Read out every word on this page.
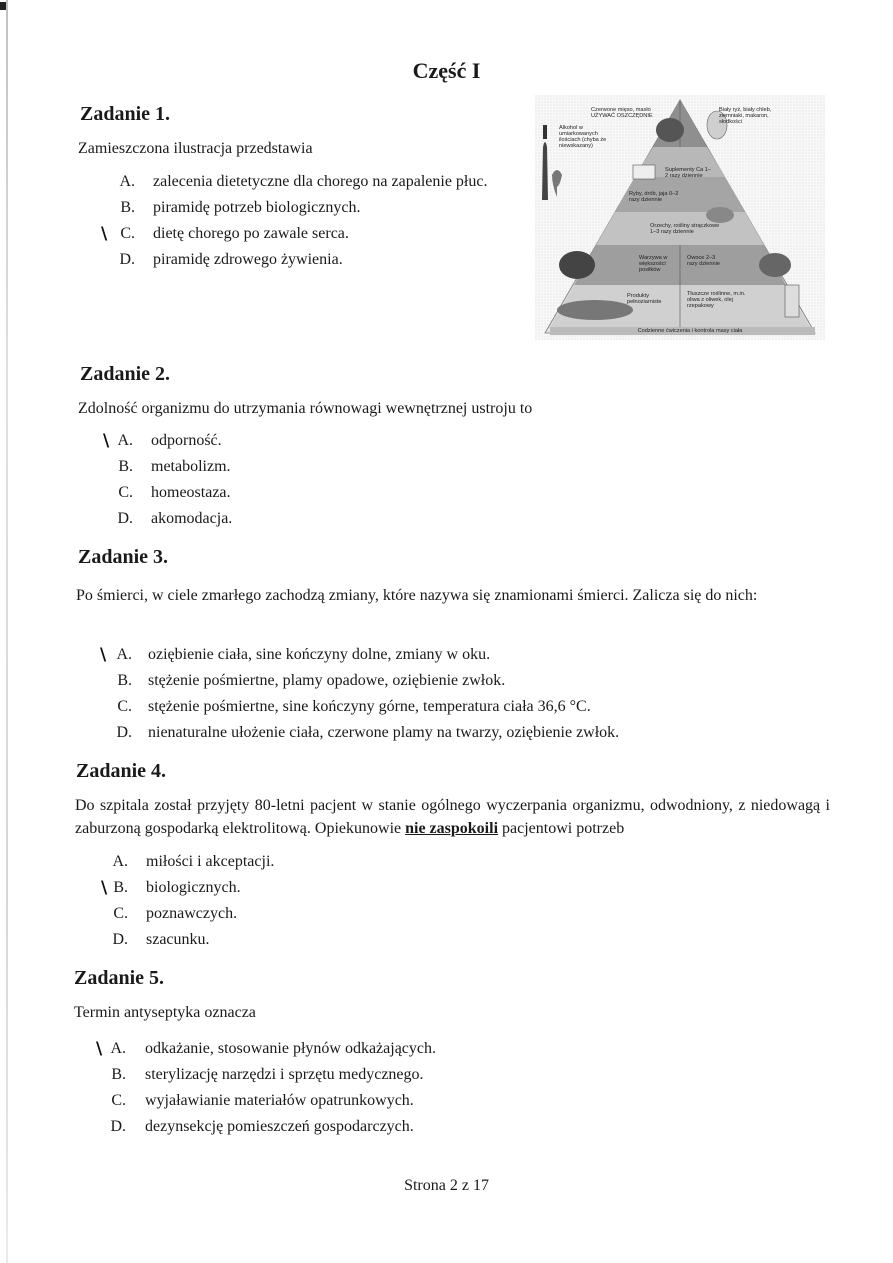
Część I
Zadanie 1.
Zamieszczona ilustracja przedstawia
A. zalecenia dietetyczne dla chorego na zapalenie płuc.
B. piramidę potrzeb biologicznych.
\ C. dietę chorego po zawale serca.
D. piramidę zdrowego żywienia.
Czerwone mięso, masło UŻYWAĆ OSZCZĘDNIE
Biały ryż, biały chleb, ziemniaki, makaron, słodkości
Alkohol w umiarkowanych ilościach (chyba że niewskazany)
Suplementy Ca 1–2 razy dziennie
Ryby, drób, jaja 0–2 razy dziennie
Orzechy, rośliny strączkowe 1–3 razy dziennie
Warzywa w większości posiłków
Owoce 2–3 razy dziennie
Produkty pełnoziarniste
Tłuszcze roślinne, m.in. oliwa z oliwek, olej rzepakowy
Codzienne ćwiczenia i kontrola masy ciała
Zadanie 2.
Zdolność organizmu do utrzymania równowagi wewnętrznej ustroju to
\ A. odporność.
B. metabolizm.
C. homeostaza.
D. akomodacja.
Zadanie 3.
Po śmierci, w ciele zmarłego zachodzą zmiany, które nazywa się znamionami śmierci. Zalicza się do nich:
\ A. oziębienie ciała, sine kończyny dolne, zmiany w oku.
B. stężenie pośmiertne, plamy opadowe, oziębienie zwłok.
C. stężenie pośmiertne, sine kończyny górne, temperatura ciała 36,6 °C.
D. nienaturalne ułożenie ciała, czerwone plamy na twarzy, oziębienie zwłok.
Zadanie 4.
Do szpitala został przyjęty 80-letni pacjent w stanie ogólnego wyczerpania organizmu, odwodniony, z niedowagą i zaburzoną gospodarką elektrolitową. Opiekunowie nie zaspokoili pacjentowi potrzeb
A. miłości i akceptacji.
\ B. biologicznych.
C. poznawczych.
D. szacunku.
Zadanie 5.
Termin antyseptyka oznacza
\ A. odkażanie, stosowanie płynów odkażających.
B. sterylizację narzędzi i sprzętu medycznego.
C. wyjaławianie materiałów opatrunkowych.
D. dezynsekcję pomieszczeń gospodarczych.
Strona 2 z 17
